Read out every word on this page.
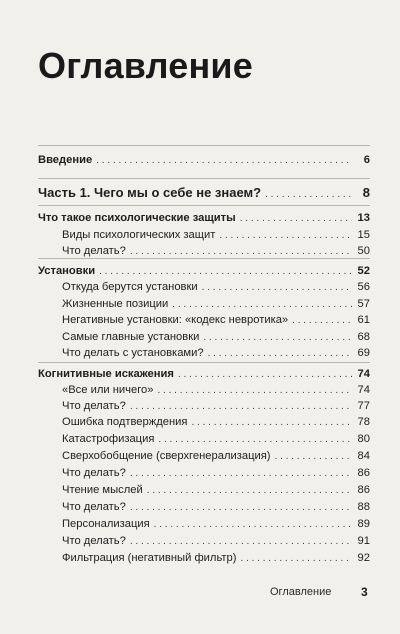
Оглавление
Введение . . .	6
Часть 1. Чего мы о себе не знаем? . . .	8
Что такое психологические защиты . . .	13
Виды психологических защит . . .	15
Что делать? . . .	50
Установки . . .	52
Откуда берутся установки . . .	56
Жизненные позиции . . .	57
Негативные установки: «кодекс невротика» . . .	61
Самые главные установки . . .	68
Что делать с установками? . . .	69
Когнитивные искажения . . .	74
«Все или ничего» . . .	74
Что делать? . . .	77
Ошибка подтверждения . . .	78
Катастрофизация . . .	80
Сверхобобщение (сверхгенерализация) . . .	84
Что делать? . . .	86
Чтение мыслей . . .	86
Что делать? . . .	88
Персонализация . . .	89
Что делать? . . .	91
Фильтрация (негативный фильтр) . . .	92
Оглавление 3
